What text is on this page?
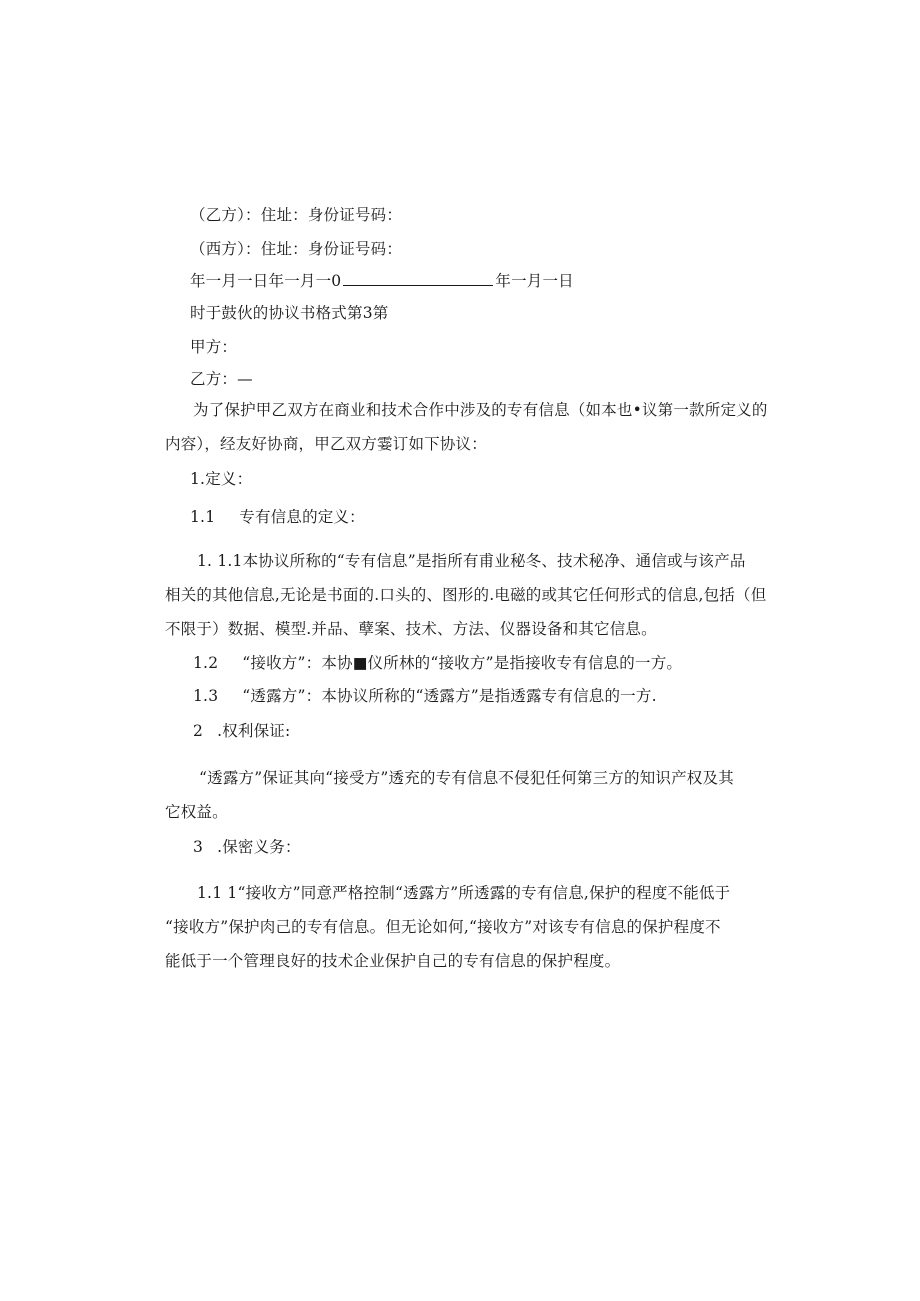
（乙方）：住址：身份证号码：

（西方）：住址：身份证号码：

年一月一日年一月一0	年一月一日

时于鼓伙的协议书格式第3第

甲方：

乙方：—

为了保护甲乙双方在商业和技术合作中涉及的专有信息（如本也•议第一款所定义的
内容），经友好协商，甲乙双方霎订如下协议：

1.定义：

1.1 专有信息的定义：

1. 1.1本协议所称的“专有信息”是指所有甫业秘冬、技术秘净、通信或与该产品
相关的其他信息,无论是书面的.口头的、图形的.电磁的或其它任何形式的信息,包括（但
不限于）数据、模型.并品、孽案、技术、方法、仪器设备和其它信息。

1.2 “接收方”：本协■仪所林的“接收方”是指接收专有信息的一方。

1.3 “透露方”：本协议所称的“透露方”是指透露专有信息的一方.

2 .权利保证:

“透露方”保证其向“接受方”透充的专有信息不侵犯任何第三方的知识产权及其
它权益。

3 .保密义务：

1.1 1“接收方”同意严格控制“透露方”所透露的专有信息,保护的程度不能低于
“接收方”保护肉己的专有信息。但无论如何,“接收方”对该专有信息的保护程度不
能低于一个管理良好的技术企业保护自己的专有信息的保护程度。
